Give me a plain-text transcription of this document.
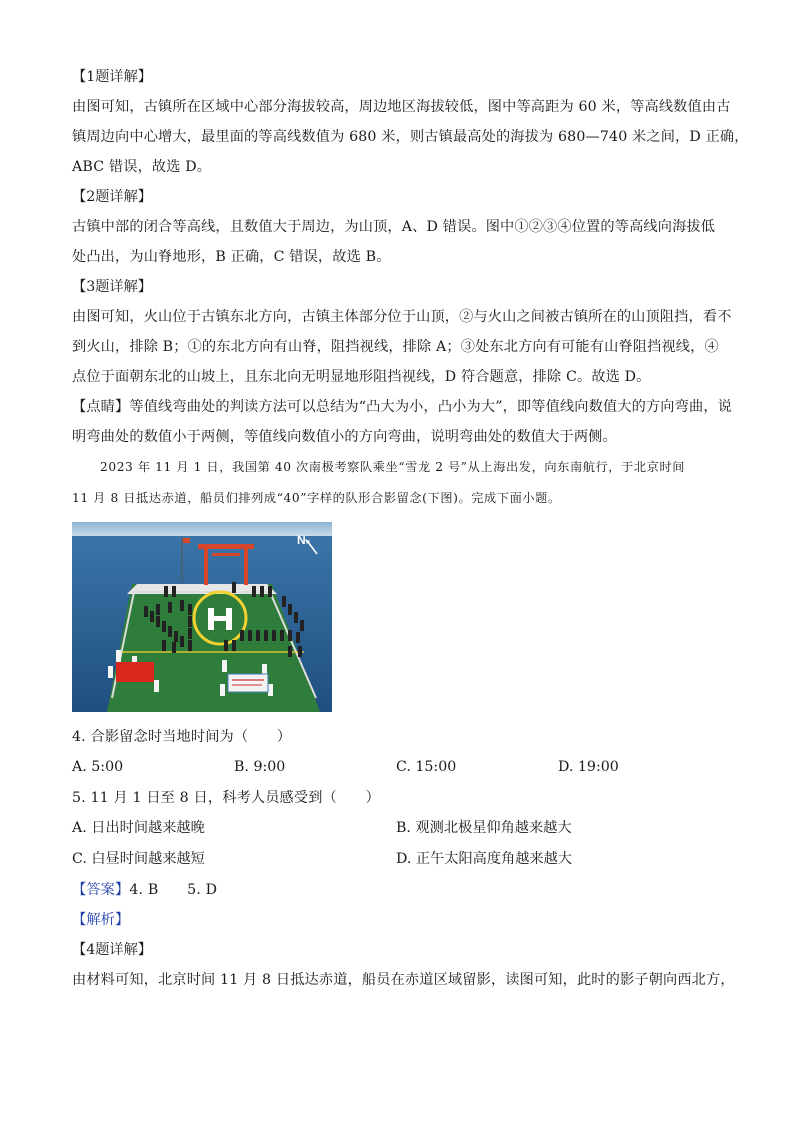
【1题详解】
由图可知，古镇所在区域中心部分海拔较高，周边地区海拔较低，图中等高距为 60 米，等高线数值由古
镇周边向中心增大，最里面的等高线数值为 680 米，则古镇最高处的海拔为 680—740 米之间，D 正确，
ABC 错误，故选 D。
【2题详解】
古镇中部的闭合等高线，且数值大于周边，为山顶，A、D 错误。图中①②③④位置的等高线向海拔低
处凸出，为山脊地形，B 正确，C 错误，故选 B。
【3题详解】
由图可知，火山位于古镇东北方向，古镇主体部分位于山顶，②与火山之间被古镇所在的山顶阻挡，看不
到火山，排除 B；①的东北方向有山脊，阻挡视线，排除 A；③处东北方向有可能有山脊阻挡视线，④
点位于面朝东北的山坡上，且东北向无明显地形阻挡视线，D 符合题意，排除 C。故选 D。
【点睛】等值线弯曲处的判读方法可以总结为“凸大为小，凸小为大”，即等值线向数值大的方向弯曲，说
明弯曲处的数值小于两侧，等值线向数值小的方向弯曲，说明弯曲处的数值大于两侧。
2023 年 11 月 1 日，我国第 40 次南极考察队乘坐“雪龙 2 号”从上海出发，向东南航行，于北京时间
11 月 8 日抵达赤道，船员们排列成“40”字样的队形合影留念(下图)。完成下面小题。
N
4. 合影留念时当地时间为（　　）
A. 5:00	B. 9:00	C. 15:00	D. 19:00
5. 11 月 1 日至 8 日，科考人员感受到（　　）
A. 日出时间越来越晚	B. 观测北极星仰角越来越大
C. 白昼时间越来越短	D. 正午太阳高度角越来越大
【答案】4. B　　5. D
【解析】
【4题详解】
由材料可知，北京时间 11 月 8 日抵达赤道，船员在赤道区域留影，读图可知，此时的影子朝向西北方，
